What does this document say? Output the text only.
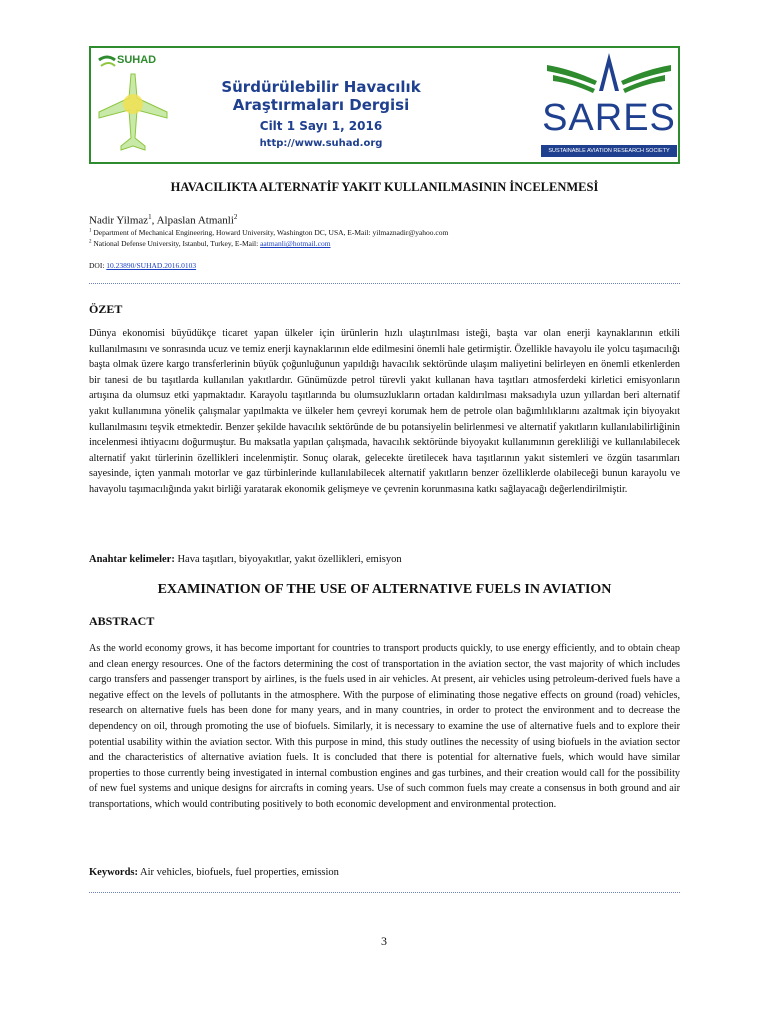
SUHAD
Sürdürülebilir Havacılık Araştırmaları Dergisi
Cilt 1 Sayı 1, 2016
http://www.suhad.org
SARES
SUSTAINABLE AVIATION RESEARCH SOCIETY
HAVACILIKTA ALTERNATİF YAKIT KULLANILMASININ İNCELENMESİ
Nadir Yilmaz$^1$, Alpaslan Atmanli$^2$
$^1$ Department of Mechanical Engineering, Howard University, Washington DC, USA, E-Mail: yilmaznadir@yahoo.com
$^2$ National Defense University, Istanbul, Turkey, E-Mail: aatmanli@hotmail.com
DOI: 10.23890/SUHAD.2016.0103
ÖZET
Dünya ekonomisi büyüdükçe ticaret yapan ülkeler için ürünlerin hızlı ulaştırılması isteği, başta var olan enerji kaynaklarının etkili kullanılmasını ve sonrasında ucuz ve temiz enerji kaynaklarının elde edilmesini önemli hale getirmiştir. Özellikle havayolu ile yolcu taşımacılığı başta olmak üzere kargo transferlerinin büyük çoğunluğunun yapıldığı havacılık sektöründe ulaşım maliyetini belirleyen en önemli etkenlerden bir tanesi de bu taşıtlarda kullanılan yakıtlardır. Günümüzde petrol türevli yakıt kullanan hava taşıtları atmosferdeki kirletici emisyonların artışına da olumsuz etki yapmaktadır. Karayolu taşıtlarında bu olumsuzlukların ortadan kaldırılması maksadıyla uzun yıllardan beri alternatif yakıt kullanımına yönelik çalışmalar yapılmakta ve ülkeler hem çevreyi korumak hem de petrole olan bağımlılıklarını azaltmak için biyoyakıt kullanılmasını teşvik etmektedir. Benzer şekilde havacılık sektöründe de bu potansiyelin belirlenmesi ve alternatif yakıtların kullanılabilirliğinin incelenmesi ihtiyacını doğurmuştur. Bu maksatla yapılan çalışmada, havacılık sektöründe biyoyakıt kullanımının gerekliliği ve kullanılabilecek alternatif yakıt türlerinin özellikleri incelenmiştir. Sonuç olarak, gelecekte üretilecek hava taşıtlarının yakıt sistemleri ve özgün tasarımları sayesinde, içten yanmalı motorlar ve gaz türbinlerinde kullanılabilecek alternatif yakıtların benzer özelliklerde olabileceği bunun karayolu ve havayolu taşımacılığında yakıt birliği yaratarak ekonomik gelişmeye ve çevrenin korunmasına katkı sağlayacağı değerlendirilmiştir.
Anahtar kelimeler: Hava taşıtları, biyoyakıtlar, yakıt özellikleri, emisyon
EXAMINATION OF THE USE OF ALTERNATIVE FUELS IN AVIATION
ABSTRACT
As the world economy grows, it has become important for countries to transport products quickly, to use energy efficiently, and to obtain cheap and clean energy resources. One of the factors determining the cost of transportation in the aviation sector, the vast majority of which includes cargo transfers and passenger transport by airlines, is the fuels used in air vehicles. At present, air vehicles using petroleum-derived fuels have a negative effect on the levels of pollutants in the atmosphere. With the purpose of eliminating those negative effects on ground (road) vehicles, research on alternative fuels has been done for many years, and in many countries, in order to protect the environment and to decrease the dependency on oil, through promoting the use of biofuels. Similarly, it is necessary to examine the use of alternative fuels and to explore their potential usability within the aviation sector. With this purpose in mind, this study outlines the necessity of using biofuels in the aviation sector and the characteristics of alternative aviation fuels. It is concluded that there is potential for alternative fuels, which would have similar properties to those currently being investigated in internal combustion engines and gas turbines, and their creation would call for the possibility of new fuel systems and unique designs for aircrafts in coming years. Use of such common fuels may create a consensus in both ground and air transportations, which would contributing positively to both economic development and environmental protection.
Keywords: Air vehicles, biofuels, fuel properties, emission
3
